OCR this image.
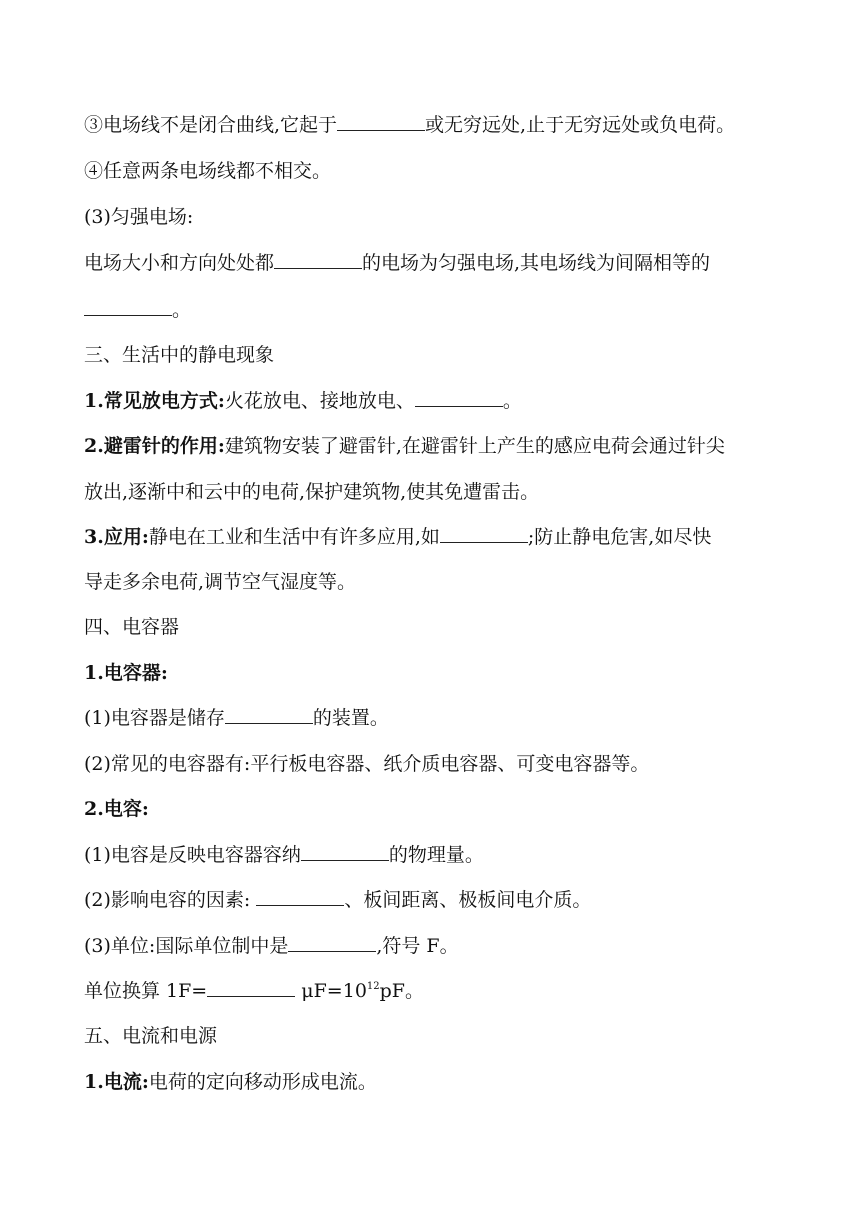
③电场线不是闭合曲线,它起于	或无穷远处,止于无穷远处或负电荷。
④任意两条电场线都不相交。
(3)匀强电场:
电场大小和方向处处都	的电场为匀强电场,其电场线为间隔相等的
。
三、生活中的静电现象
1.常见放电方式:火花放电、接地放电、	。
2.避雷针的作用:建筑物安装了避雷针,在避雷针上产生的感应电荷会通过针尖
放出,逐渐中和云中的电荷,保护建筑物,使其免遭雷击。
3.应用:静电在工业和生活中有许多应用,如	;防止静电危害,如尽快
导走多余电荷,调节空气湿度等。
四、电容器
1.电容器:
(1)电容器是储存	的装置。
(2)常见的电容器有:平行板电容器、纸介质电容器、可变电容器等。
2.电容:
(1)电容是反映电容器容纳	的物理量。
(2)影响电容的因素:	、板间距离、极板间电介质。
(3)单位:国际单位制中是	,符号 F。
单位换算 1F=	$\mu F=10^{12}pF$。
五、电流和电源
1.电流:电荷的定向移动形成电流。
